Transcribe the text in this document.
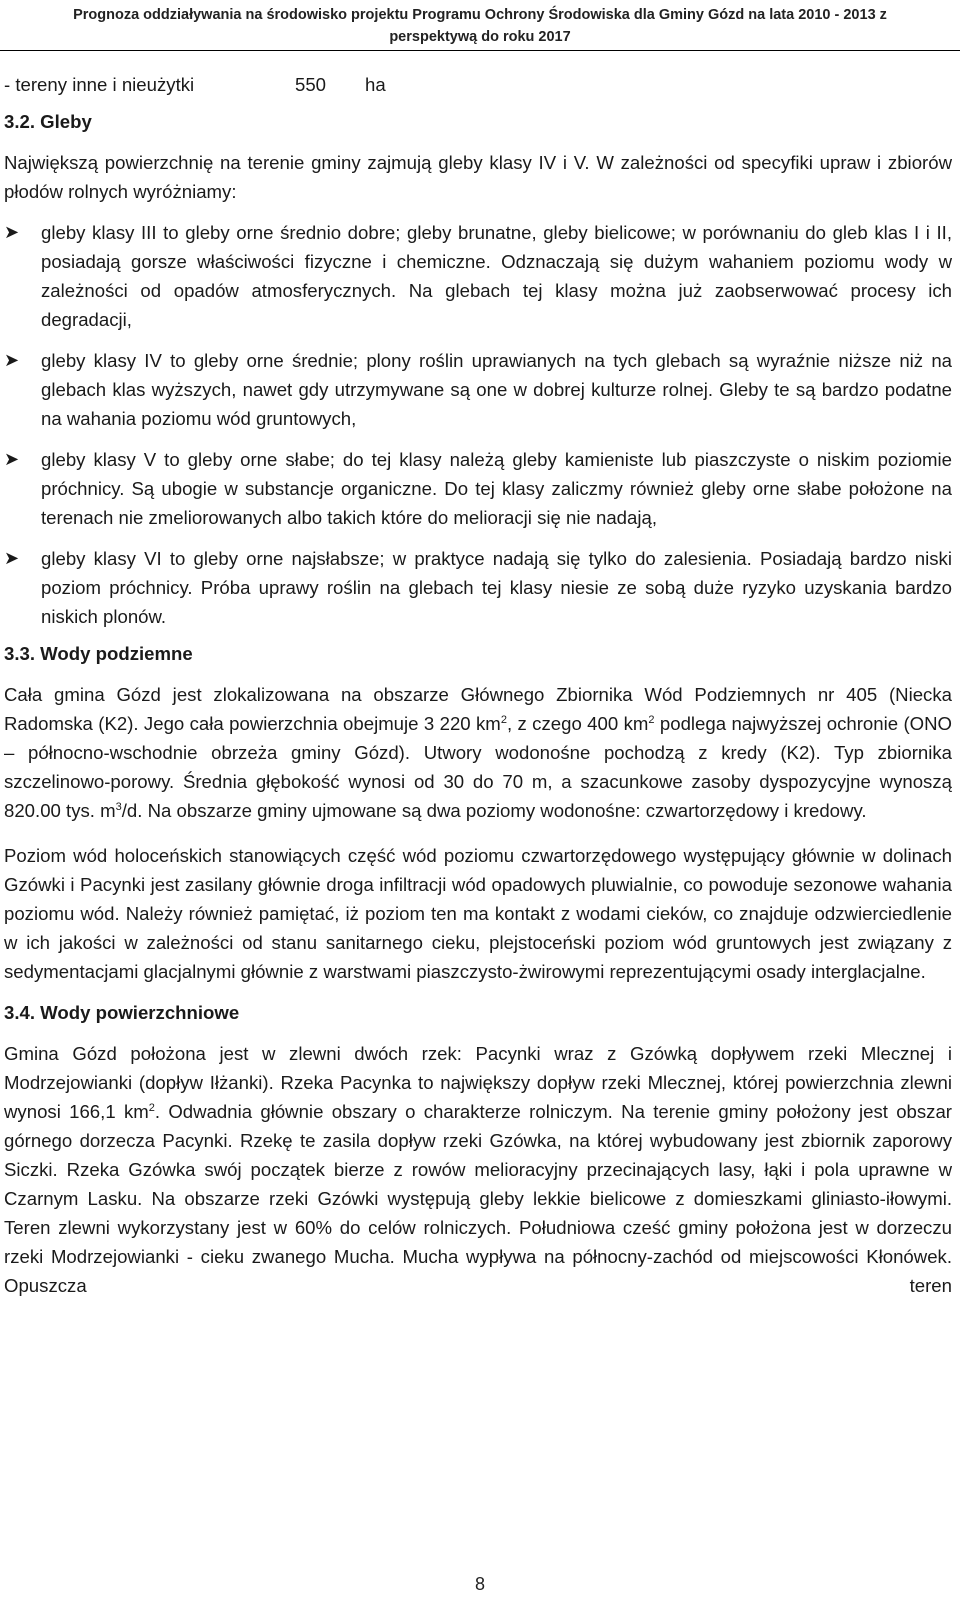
Prognoza oddziaływania na środowisko projektu Programu Ochrony Środowiska dla Gminy Gózd na lata 2010 - 2013 z
perspektywą do roku 2017
- tereny inne i nieużytki	550	ha

3.2. Gleby

Największą powierzchnię na terenie gminy zajmują gleby klasy IV i V. W zależności od specyfiki upraw i zbiorów płodów rolnych wyróżniamy:

➤ gleby klasy III to gleby orne średnio dobre; gleby brunatne, gleby bielicowe; w porównaniu do gleb klas I i II, posiadają gorsze właściwości fizyczne i chemiczne. Odznaczają się dużym wahaniem poziomu wody w zależności od opadów atmosferycznych. Na glebach tej klasy można już zaobserwować procesy ich degradacji,
➤ gleby klasy IV to gleby orne średnie; plony roślin uprawianych na tych glebach są wyraźnie niższe niż na glebach klas wyższych, nawet gdy utrzymywane są one w dobrej kulturze rolnej. Gleby te są bardzo podatne na wahania poziomu wód gruntowych,
➤ gleby klasy V to gleby orne słabe; do tej klasy należą gleby kamieniste lub piaszczyste o niskim poziomie próchnicy. Są ubogie w substancje organiczne. Do tej klasy zaliczmy również gleby orne słabe położone na terenach nie zmeliorowanych albo takich które do melioracji się nie nadają,
➤ gleby klasy VI to gleby orne najsłabsze; w praktyce nadają się tylko do zalesienia. Posiadają bardzo niski poziom próchnicy. Próba uprawy roślin na glebach tej klasy niesie ze sobą duże ryzyko uzyskania bardzo niskich plonów.

3.3. Wody podziemne

Cała gmina Gózd jest zlokalizowana na obszarze Głównego Zbiornika Wód Podziemnych nr 405 (Niecka Radomska (K2). Jego cała powierzchnia obejmuje 3 220 $km^2$, z czego 400 $km^2$ podlega najwyższej ochronie (ONO – północno-wschodnie obrzeża gminy Gózd). Utwory wodonośne pochodzą z kredy (K2). Typ zbiornika szczelinowo-porowy. Średnia głębokość wynosi od 30 do 70 m, a szacunkowe zasoby dyspozycyjne wynoszą 820.00 tys. $m^3/d$. Na obszarze gminy ujmowane są dwa poziomy wodonośne: czwartorzędowy i kredowy.

Poziom wód holoceńskich stanowiących część wód poziomu czwartorzędowego występujący głównie w dolinach Gzówki i Pacynki jest zasilany głównie droga infiltracji wód opadowych pluwialnie, co powoduje sezonowe wahania poziomu wód. Należy również pamiętać, iż poziom ten ma kontakt z wodami cieków, co znajduje odzwierciedlenie w ich jakości w zależności od stanu sanitarnego cieku, plejstoceński poziom wód gruntowych jest związany z sedymentacjami glacjalnymi głównie z warstwami piaszczysto-żwirowymi reprezentującymi osady interglacjalne.

3.4. Wody powierzchniowe

Gmina Gózd położona jest w zlewni dwóch rzek: Pacynki wraz z Gzówką dopływem rzeki Mlecznej i Modrzejowianki (dopływ Iłżanki). Rzeka Pacynka to największy dopływ rzeki Mlecznej, której powierzchnia zlewni wynosi 166,1 $km^2$. Odwadnia głównie obszary o charakterze rolniczym. Na terenie gminy położony jest obszar górnego dorzecza Pacynki. Rzekę te zasila dopływ rzeki Gzówka, na której wybudowany jest zbiornik zaporowy Siczki. Rzeka Gzówka swój początek bierze z rowów melioracyjny przecinających lasy, łąki i pola uprawne w Czarnym Lasku. Na obszarze rzeki Gzówki występują gleby lekkie bielicowe z domieszkami gliniasto-iłowymi. Teren zlewni wykorzystany jest w 60% do celów rolniczych. Południowa cześć gminy położona jest w dorzeczu rzeki Modrzejowianki - cieku zwanego Mucha. Mucha wypływa na północny-zachód od miejscowości Kłonówek. Opuszcza teren

8
